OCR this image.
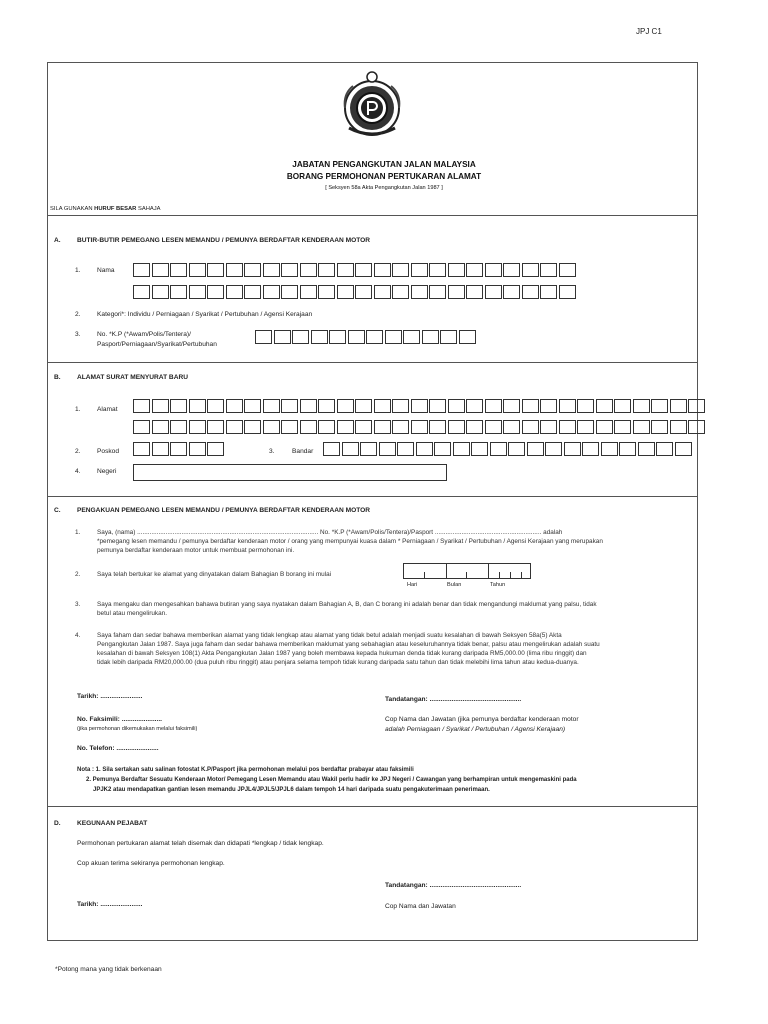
JPJ C1
JABATAN PENGANGKUTAN JALAN MALAYSIA
BORANG PERMOHONAN PERTUKARAN ALAMAT
[ Seksyen 58a Akta Pengangkutan Jalan 1987 ]
SILA GUNAKAN HURUF BESAR SAHAJA
A. BUTIR-BUTIR PEMEGANG LESEN MEMANDU / PEMUNYA BERDAFTAR KENDERAAN MOTOR
1.	Nama
2.	Kategori*: Individu / Perniagaan / Syarikat / Pertubuhan / Agensi Kerajaan
3.	No. *K.P (*Awam/Polis/Tentera)/
Pasport/Perniagaan/Syarikat/Pertubuhan
B. ALAMAT SURAT MENYURAT BARU
1.	Alamat
2.	Poskod	3.	Bandar
4.	Negeri
C. PENGAKUAN PEMEGANG LESEN MEMANDU / PEMUNYA BERDAFTAR KENDERAAN MOTOR
1.	Saya, (nama) ...................................................................................................... No. *K.P (*Awam/Polis/Tentera)/Pasport ............................................................ adalah
*pemegang lesen memandu / pemunya berdaftar kenderaan motor / orang yang mempunyai kuasa dalam * Perniagaan / Syarikat / Pertubuhan / Agensi Kerajaan yang merupakan
pemunya berdaftar kenderaan motor untuk membuat permohonan ini.
2.	Saya telah bertukar ke alamat yang dinyatakan dalam Bahagian B borang ini mulai
Hari	Bulan	Tahun
3.	Saya mengaku dan mengesahkan bahawa butiran yang saya nyatakan dalam Bahagian A, B, dan C borang ini adalah benar dan tidak mengandungi maklumat yang palsu, tidak
betul atau mengelirukan.
4.	Saya faham dan sedar bahawa memberikan alamat yang tidak lengkap atau alamat yang tidak betul adalah menjadi suatu kesalahan di bawah Seksyen 58a(5) Akta
Pengangkutan Jalan 1987. Saya juga faham dan sedar bahawa memberikan maklumat yang sebahagian atau keseluruhannya tidak benar, palsu atau mengelirukan adalah suatu
kesalahan di bawah Seksyen 108(1) Akta Pengangkutan Jalan 1987 yang boleh membawa kepada hukuman denda tidak kurang daripada RM5,000.00 (lima ribu ringgit) dan
tidak lebih daripada RM20,000.00 (dua puluh ribu ringgit) atau penjara selama tempoh tidak kurang daripada satu tahun dan tidak melebihi lima tahun atau kedua-duanya.
Tarikh: .......................	Tandatangan: ..................................................
No. Faksimili: ......................
(jika permohonan dikemukakan melalui faksimili)
Cop Nama dan Jawatan (jika pemunya berdaftar kenderaan motor
adalah Perniagaan / Syarikat / Pertubuhan / Agensi Kerajaan)
No. Telefon: .......................
Nota : 1. Sila sertakan satu salinan fotostat K.P/Pasport jika permohonan melalui pos berdaftar prabayar atau faksimili
2. Pemunya Berdaftar Sesuatu Kenderaan Motor/ Pemegang Lesen Memandu atau Wakil perlu hadir ke JPJ Negeri / Cawangan yang berhampiran untuk mengemaskini pada
JPJK2 atau mendapatkan gantian lesen memandu JPJL4/JPJL5/JPJL6 dalam tempoh 14 hari daripada suatu pengakuterimaan penerimaan.
D. KEGUNAAN PEJABAT
Permohonan pertukaran alamat telah disemak dan didapati *lengkap / tidak lengkap.
Cop akuan terima sekiranya permohonan lengkap.
Tandatangan: ..................................................
Tarikh: .......................	Cop Nama dan Jawatan
*Potong mana yang tidak berkenaan
